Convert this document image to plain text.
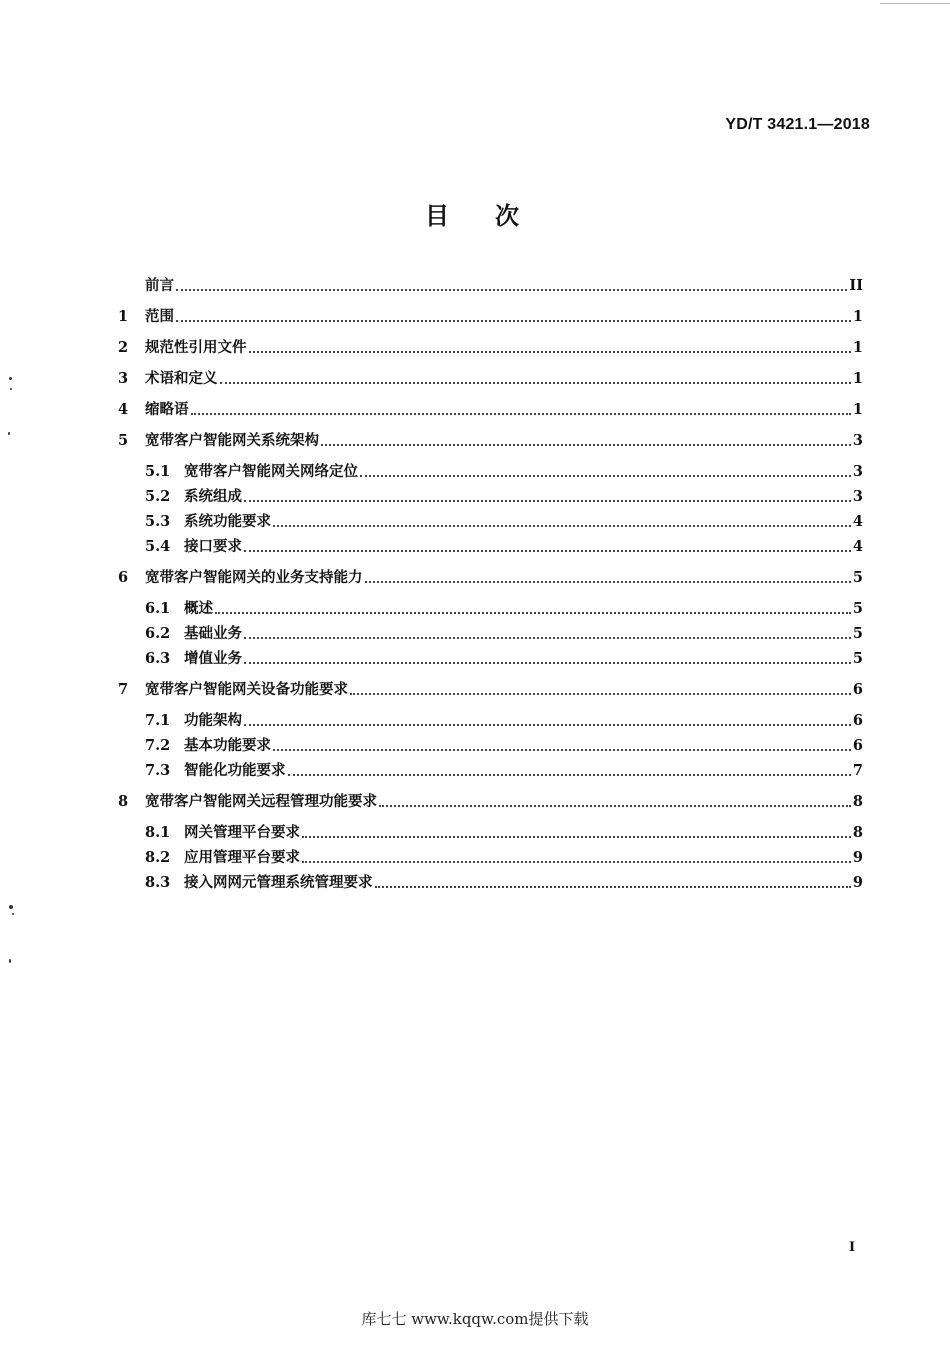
YD/T 3421.1—2018
目次
前言	II
1	范围	1
2	规范性引用文件	1
3	术语和定义	1
4	缩略语	1
5	宽带客户智能网关系统架构	3
5.1 宽带客户智能网关网络定位	3
5.2 系统组成	3
5.3 系统功能要求	4
5.4 接口要求	4
6	宽带客户智能网关的业务支持能力	5
6.1 概述	5
6.2 基础业务	5
6.3 增值业务	5
7	宽带客户智能网关设备功能要求	6
7.1 功能架构	6
7.2 基本功能要求	6
7.3 智能化功能要求	7
8	宽带客户智能网关远程管理功能要求	8
8.1 网关管理平台要求	8
8.2 应用管理平台要求	9
8.3 接入网网元管理系统管理要求	9
I
库七七 www.kqqw.com提供下载
